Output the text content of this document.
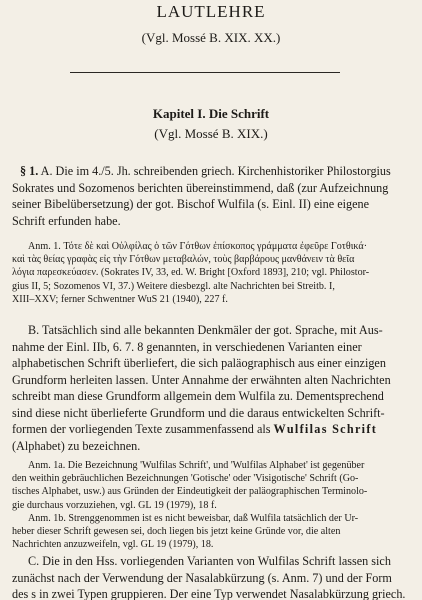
LAUTLEHRE
(Vgl. Mossé B. XIX. XX.)
Kapitel I. Die Schrift
(Vgl. Mossé B. XIX.)
§ 1. A. Die im 4./5. Jh. schreibenden griech. Kirchenhistoriker Philostorgius
Sokrates und Sozomenos berichten übereinstimmend, daß (zur Aufzeichnung
seiner Bibelübersetzung) der got. Bischof Wulfila (s. Einl. II) eine eigene
Schrift erfunden habe.
Anm. 1. Τότε δὲ καὶ Οὐλφίλας ὁ τῶν Γότθων ἐπίσκοπος γράμματα ἐφεῦρε Γοτθικά·
καὶ τὰς θείας γραφὰς εἰς τὴν Γότθων μεταβαλών, τοὺς βαρβάρους μανθάνειν τὰ θεῖα
λόγια παρεσκεύασεν. (Sokrates IV, 33, ed. W. Bright [Oxford 1893], 210; vgl. Philostor-
gius II, 5; Sozomenos VI, 37.) Weitere diesbezgl. alte Nachrichten bei Streitb. I,
XIII–XXV; ferner Schwentner WuS 21 (1940), 227 f.
B. Tatsächlich sind alle bekannten Denkmäler der got. Sprache, mit Aus-
nahme der Einl. IIb, 6. 7. 8 genannten, in verschiedenen Varianten einer
alphabetischen Schrift überliefert, die sich paläographisch aus einer einzigen
Grundform herleiten lassen. Unter Annahme der erwähnten alten Nachrichten
schreibt man diese Grundform allgemein dem Wulfila zu. Dementsprechend
sind diese nicht überlieferte Grundform und die daraus entwickelten Schrift-
formen der vorliegenden Texte zusammenfassend als Wulfilas Schrift
(Alphabet) zu bezeichnen.
Anm. 1a. Die Bezeichnung 'Wulfilas Schrift', und 'Wulfilas Alphabet' ist gegenüber
den weithin gebräuchlichen Bezeichnungen 'Gotische' oder 'Visigotische' Schrift (Go-
tisches Alphabet, usw.) aus Gründen der Eindeutigkeit der paläographischen Terminolo-
gie durchaus vorzuziehen, vgl. GL 19 (1979), 18 f.
Anm. 1b. Strenggenommen ist es nicht beweisbar, daß Wulfila tatsächlich der Ur-
heber dieser Schrift gewesen sei, doch liegen bis jetzt keine Gründe vor, die alten
Nachrichten anzuzweifeln, vgl. GL 19 (1979), 18.
C. Die in den Hss. vorliegenden Varianten von Wulfilas Schrift lassen sich
zunächst nach der Verwendung der Nasalabkürzung (s. Anm. 7) und der Form
des s in zwei Typen gruppieren. Der eine Typ verwendet Nasalabkürzung griech.
